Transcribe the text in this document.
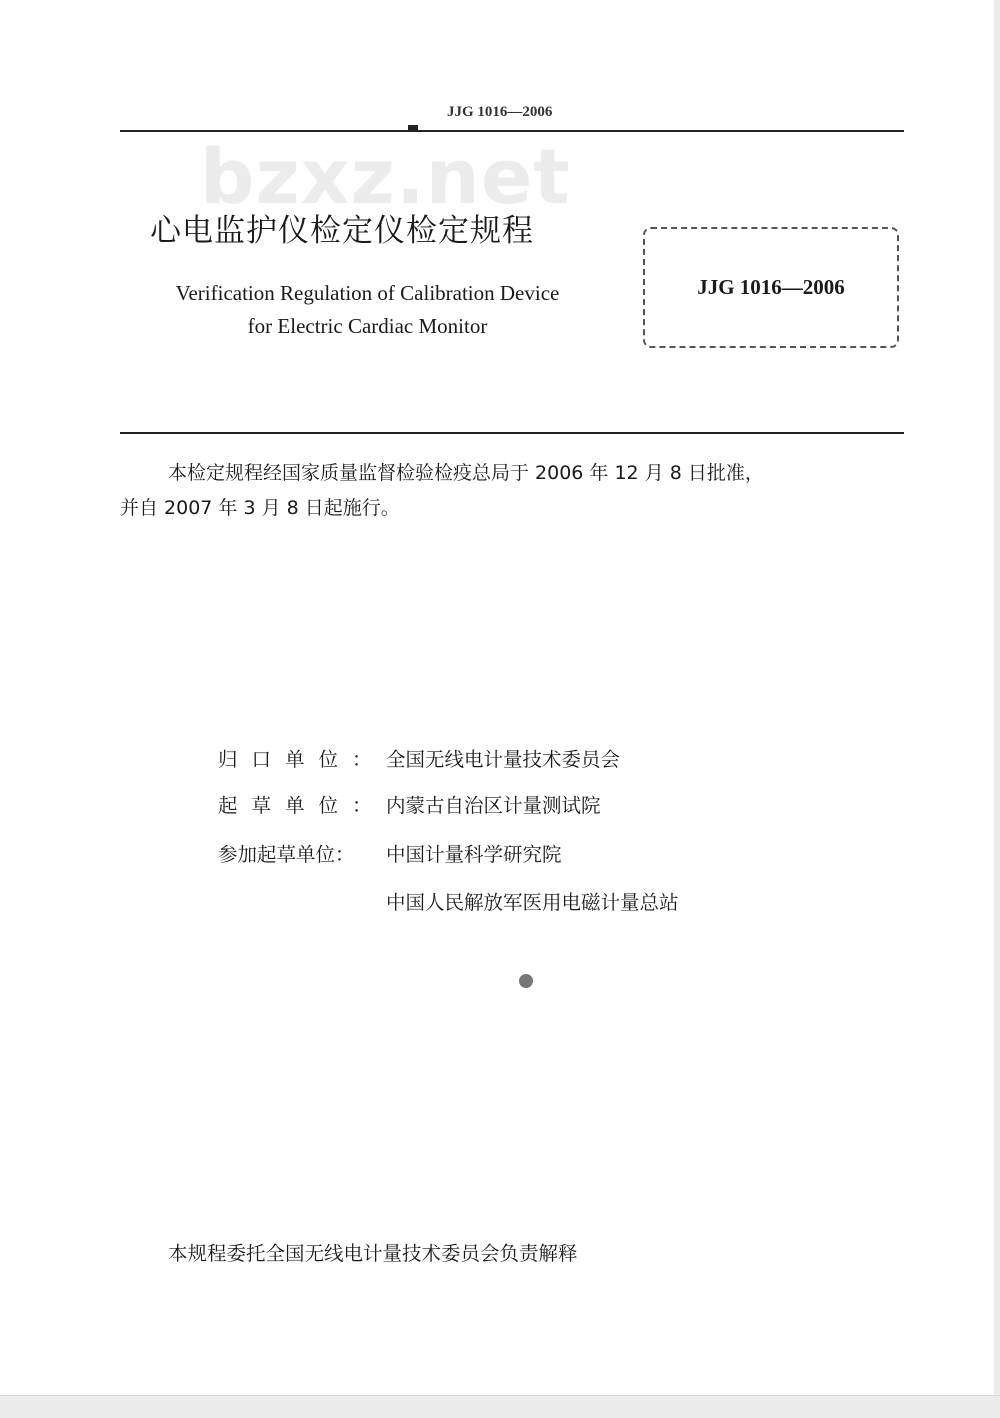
JJG 1016—2006
bzxz.net
心电监护仪检定仪检定规程
Verification Regulation of Calibration Device
for Electric Cardiac Monitor
JJG 1016—2006
本检定规程经国家质量监督检验检疫总局于 2006 年 12 月 8 日批准，
并自 2007 年 3 月 8 日起施行。
归口单位：全国无线电计量技术委员会
起草单位：内蒙古自治区计量测试院
参加起草单位： 中国计量科学研究院
中国人民解放军医用电磁计量总站
本规程委托全国无线电计量技术委员会负责解释
